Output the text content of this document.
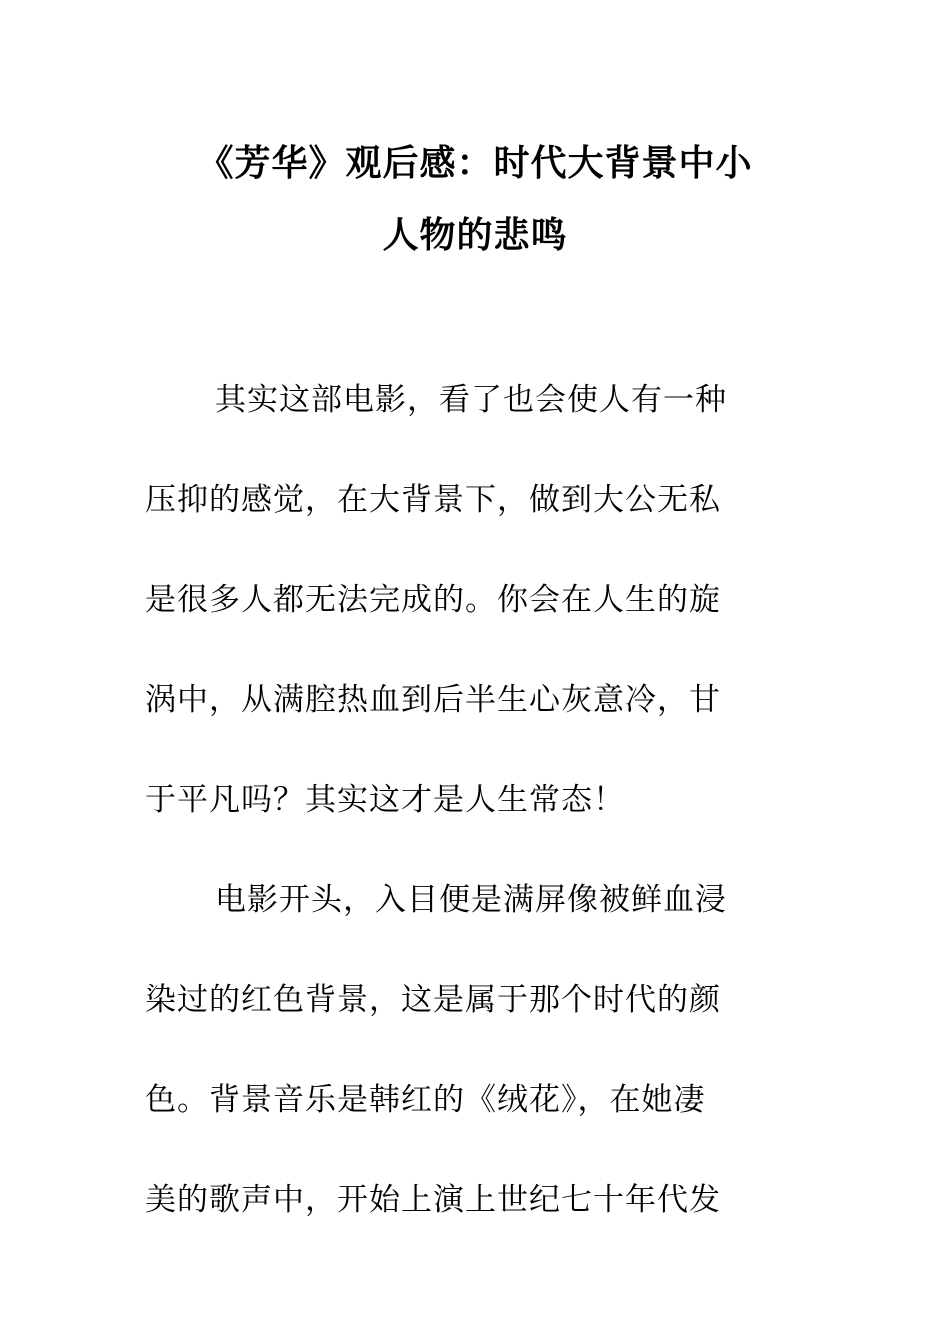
《芳华》观后感：时代大背景中小
人物的悲鸣
其实这部电影，看了也会使人有一种
压抑的感觉，在大背景下，做到大公无私
是很多人都无法完成的。你会在人生的旋
涡中，从满腔热血到后半生心灰意冷，甘
于平凡吗？其实这才是人生常态！
电影开头，入目便是满屏像被鲜血浸
染过的红色背景，这是属于那个时代的颜
色。背景音乐是韩红的《绒花》，在她凄
美的歌声中，开始上演上世纪七十年代发
